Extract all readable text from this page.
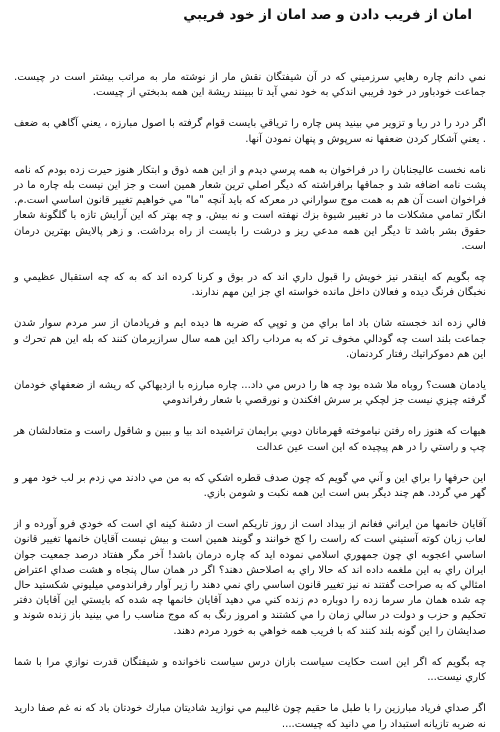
امان از فريب دادن و صد امان از خود فريبي

نمي دانم چاره رهايي سرزميني كه در آن شيفتگان نقش مار از نوشته مار به مراتب بيشتر است در چيست. جماعت خودباور در خود فريبي اندكي به خود نمي آيد تا ببينند ريشة اين همه بدبختي از چيست.

اگر درد را در ريا و تزوير مي بينيد پس چاره را ترياقي بايست قوام گرفته با اصول مبارزه ، يعني آگاهي به ضعف . يعني آشكار كردن ضعفها نه سرپوش و پنهان نمودن آنها.

نامه نخست عاليجنابان را در فراخوان به همه پرسي ديدم و از اين همه ذوق و ابتكار هنوز حيرت زده بودم كه نامه پشت نامه اضافه شد و جماقها برافراشته كه ديگر اصلي ترين شعار همين است و جز اين نيست بله چاره ما در فراخوان است آن هم به همت موج سواراني در معركه كه بايد آنچه "ما" مي خواهيم تغيير قانون اساسي است.م. انگار تمامي مشكلات ما در تغيير شيوة بزك نهفته است و نه بيش. و چه بهتر كه اين آرايش تازه با گلگونة شعار حقوق بشر باشد تا ديگر اين همه مدعي ريز و درشت را بايست از راه برداشت. و زهر پالايش بهترين درمان است.

چه بگويم كه اينقدر نيز خويش را قبول داري اند كه در بوق و كرنا كرده اند كه به كه چه استقبال عظيمي و نخبگان فرنگ ديده و فعالان داخل مانده خواسته اي جز اين مهم ندارند.

فالي زده اند خجسته شان باد اما براي من و توپي كه ضربه ها ديده ايم و فريادمان از سر مردم سوار شدن جماعت بلند است چه گودالي مخوف تر كه به مرداب راكد اين همه سال سرازيرمان كنند كه بله اين هم تحرك و اين هم دموكراتيك رفتار كردنمان.

يادمان هست؟ روباه ملا شده بود چه ها را درس مي داد... چاره مبارزه با ازديهاكي كه ريشه از ضعفهاي خودمان گرفته چيزي نيست جز لچكي بر سرش افكندن و نورقصي با شعار رفراندومي

هيهات كه هنوز راه رفتن نياموخته قهرمانان دوبي برايمان تراشيده اند بيا و ببين و شاقول راست و متعادلشان هر چپ و راستي را در هم پيچيده كه اين است عين عدالت

اين حرفها را براي اين و آني مي گويم كه چون صدف قطره اشكي كه به من مي دادند مي زدم بر لب خود مهر و گهر مي گردد. هم چند ديگر بس است اين همه نكبت و شومن بازي.

آقايان خانمها من ايراني فغانم از بيداد است از روز تاريكم است از دشنة كينه اي است كه خودي فرو آورده و از لعاب زبان كوته آستيني است كه راست را كج خوانند و گويند همين است و بيش نيست آقايان خانمها تغيير قانون اساسي اعجوبه اي چون جمهوري اسلامي نموده ايد كه چاره درمان باشد! آخر مگر هفتاد درصد جمعيت جوان ايران راي به اين ملغمه داده اند كه حالا راي به اصلاحش دهند؟ اگر در همان سال پنجاه و هشت صداي اعتراض امثالي كه به صراحت گفتند نه نيز تغيير قانون اساسي راي نمي دهند را زير آوار رفراندومي ميليوني شكستيد حال چه شده همان مار سرما زده را دوباره دم زنده كني مي دهيد آقايان خانمها چه شده كه بايستي اين آقايان دفتر تحكيم و حزب و دولت در سالي زمان را مي كشتند و امروز رنگ به كه موج مناسب را مي بينيد باز زنده شوند و صدايشان را اين گونه بلند كنند كه با فريب همه خواهي به خورد مردم دهند.

چه بگويم كه اگر اين است حكايت سياست بازان درس سياست ناخوانده و شيفتگان قدرت نوازي مرا با شما كاري نيست...

اگر صداي فرياد مبارزين را با طبل ما حقيم چون غاليبم مي نوازيد شاديتان مبارك خودتان باد كه نه غم صفا داريد نه ضربه تازيانه استبداد را مي دانيد كه چيست....
